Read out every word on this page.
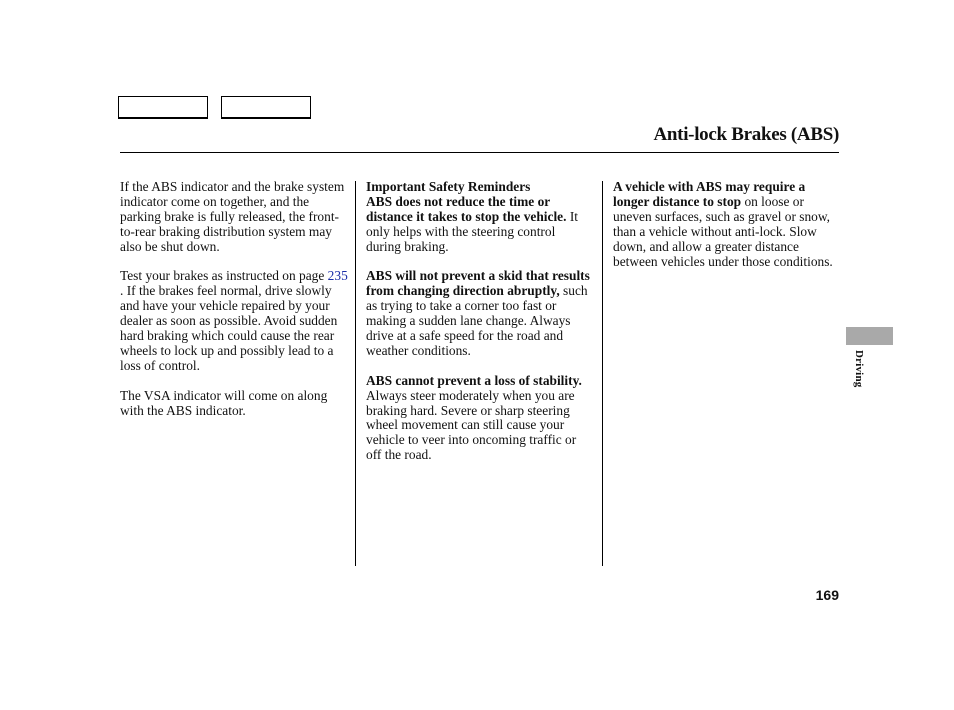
Anti-lock Brakes (ABS)

If the ABS indicator and the brake system indicator come on together, and the parking brake is fully released, the front-to-rear braking distribution system may also be shut down.

Test your brakes as instructed on page 235 . If the brakes feel normal, drive slowly and have your vehicle repaired by your dealer as soon as possible. Avoid sudden hard braking which could cause the rear wheels to lock up and possibly lead to a loss of control.

The VSA indicator will come on along with the ABS indicator.

Important Safety Reminders
ABS does not reduce the time or distance it takes to stop the vehicle. It only helps with the steering control during braking.

ABS will not prevent a skid that results from changing direction abruptly, such as trying to take a corner too fast or making a sudden lane change. Always drive at a safe speed for the road and weather conditions.

ABS cannot prevent a loss of stability. Always steer moderately when you are braking hard. Severe or sharp steering wheel movement can still cause your vehicle to veer into oncoming traffic or off the road.

A vehicle with ABS may require a longer distance to stop on loose or uneven surfaces, such as gravel or snow, than a vehicle without anti-lock. Slow down, and allow a greater distance between vehicles under those conditions.

Driving
169
